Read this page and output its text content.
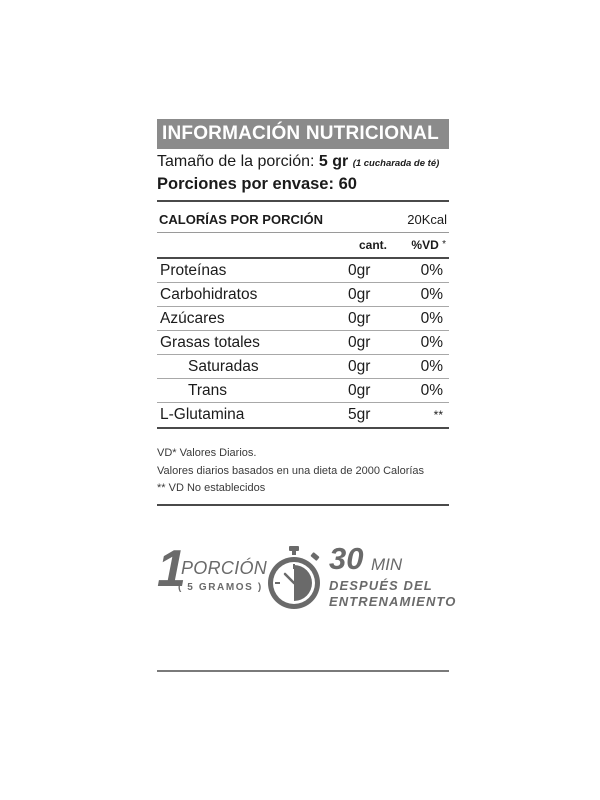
INFORMACIÓN NUTRICIONAL
Tamaño de la porción: 5 gr (1 cucharada de té)
Porciones por envase: 60
CALORÍAS POR PORCIÓN	20Kcal
cant. %VD *
Proteínas	0gr	0%
Carbohidratos	0gr	0%
Azúcares	0gr	0%
Grasas totales	0gr	0%
Saturadas	0gr	0%
Trans	0gr	0%
L-Glutamina	5gr	**
VD* Valores Diarios.
Valores diarios basados en una dieta de 2000 Calorías
** VD No establecidos
1
PORCIÓN
( 5 GRAMOS )
30 MIN
DESPUÉS DEL
ENTRENAMIENTO
